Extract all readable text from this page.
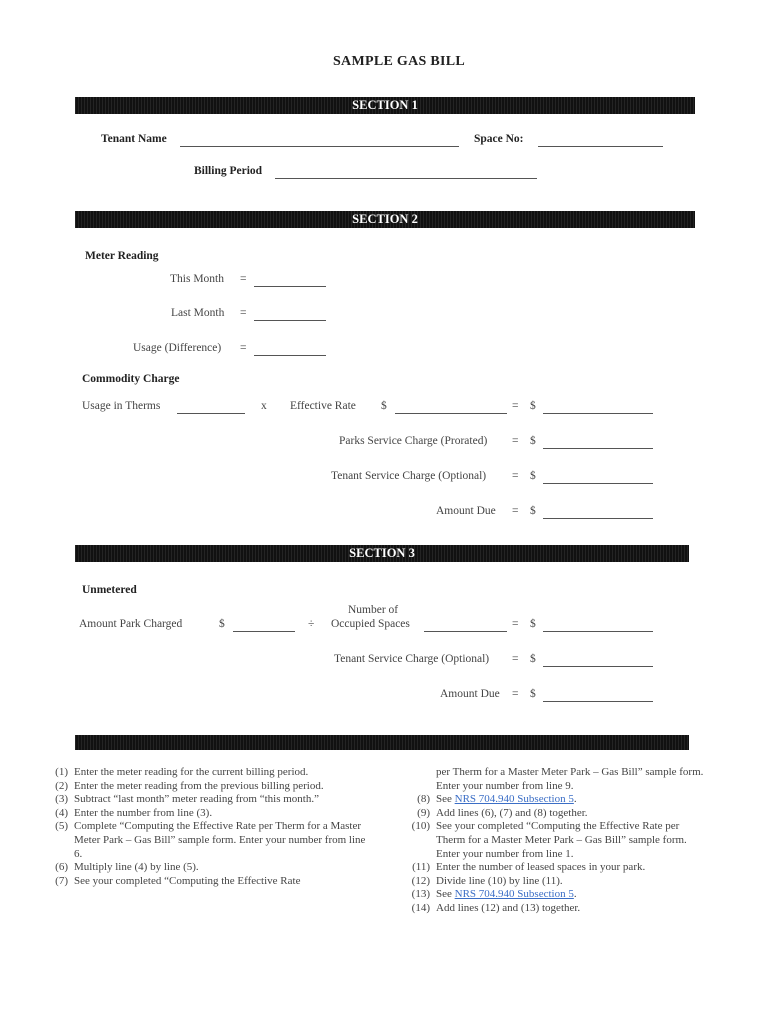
SAMPLE GAS BILL
SECTION 1
Tenant Name	Space No:
Billing Period
SECTION 2
Meter Reading
This Month =
Last Month =
Usage (Difference) =
Commodity Charge
Usage in Therms	x Effective Rate $	= $
Parks Service Charge (Prorated) = $
Tenant Service Charge (Optional) = $
Amount Due = $
SECTION 3
Unmetered
Number of
Amount Park Charged	$	÷ Occupied Spaces	= $
Tenant Service Charge (Optional) = $
Amount Due = $
(1) Enter the meter reading for the current billing period.
(2) Enter the meter reading from the previous billing period.
(3) Subtract “last month” meter reading from “this month.”
(4) Enter the number from line (3).
(5) Complete “Computing the Effective Rate per Therm for a Master Meter Park – Gas Bill” sample form. Enter your number from line 6.
(6) Multiply line (4) by line (5).
(7) See your completed “Computing the Effective Rate
per Therm for a Master Meter Park – Gas Bill” sample form. Enter your number from line 9.
(8) See NRS 704.940 Subsection 5.
(9) Add lines (6), (7) and (8) together.
(10) See your completed “Computing the Effective Rate per Therm for a Master Meter Park – Gas Bill” sample form. Enter your number from line 1.
(11) Enter the number of leased spaces in your park.
(12) Divide line (10) by line (11).
(13) See NRS 704.940 Subsection 5.
(14) Add lines (12) and (13) together.
